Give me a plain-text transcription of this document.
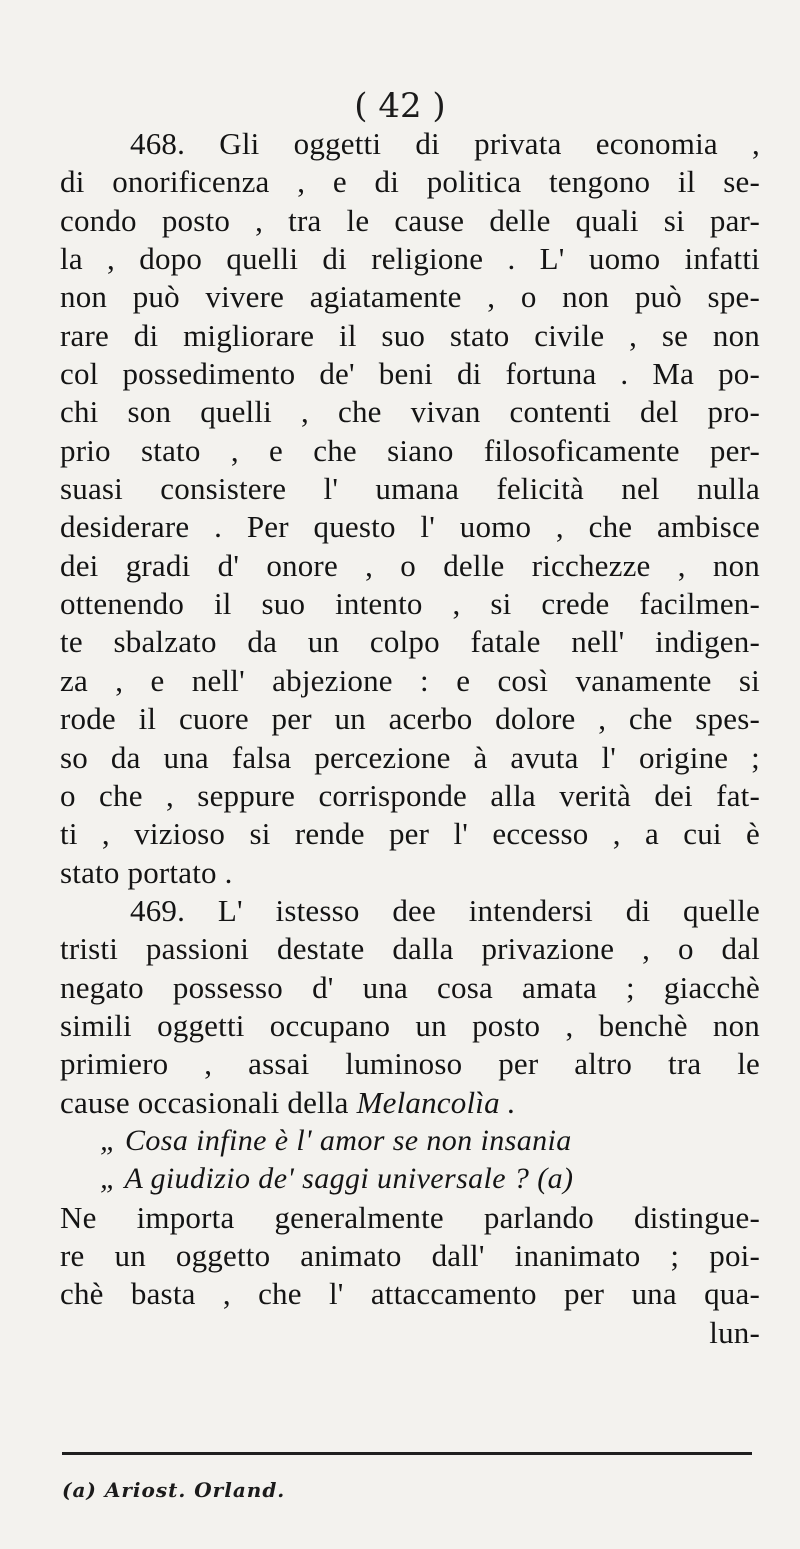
( 42 )
468. Gli oggetti di privata economia ,
di onorificenza , e di politica tengono il se-
condo posto , tra le cause delle quali si par-
la , dopo quelli di religione . L' uomo infatti
non può vivere agiatamente , o non può spe-
rare di migliorare il suo stato civile , se non
col possedimento de' beni di fortuna . Ma po-
chi son quelli , che vivan contenti del pro-
prio stato , e che siano filosoficamente per-
suasi consistere l' umana felicità nel nulla
desiderare . Per questo l' uomo , che ambisce
dei gradi d' onore , o delle ricchezze , non
ottenendo il suo intento , si crede facilmen-
te sbalzato da un colpo fatale nell' indigen-
za , e nell' abjezione : e così vanamente si
rode il cuore per un acerbo dolore , che spes-
so da una falsa percezione à avuta l' origine ;
o che , seppure corrisponde alla verità dei fat-
ti , vizioso si rende per l' eccesso , a cui è
stato portato .
469. L' istesso dee intendersi di quelle
tristi passioni destate dalla privazione , o dal
negato possesso d' una cosa amata ; giacchè
simili oggetti occupano un posto , benchè non
primiero , assai luminoso per altro tra le
cause occasionali della Melancolìa .
„ Cosa infine è l' amor se non insania
„ A giudizio de' saggi universale ? (a)
Ne importa generalmente parlando distingue-
re un oggetto animato dall' inanimato ; poi-
chè basta , che l' attaccamento per una qua-
lun-
(a) Ariost. Orland.
